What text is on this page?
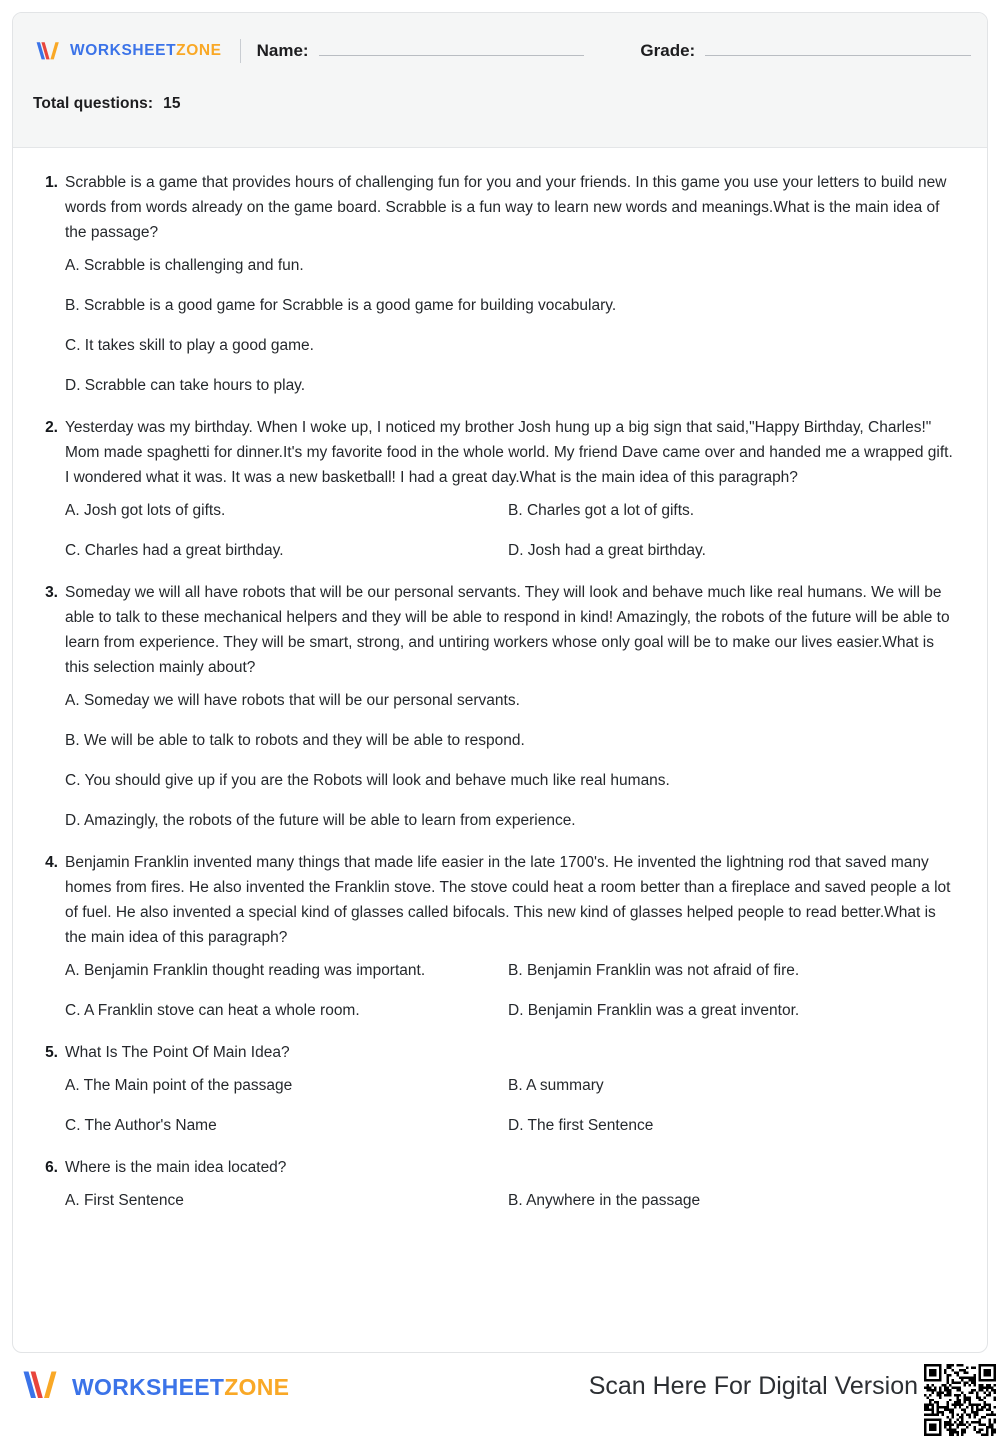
WORKSHEETZONE Name:	Grade:
Total questions: 15
1. Scrabble is a game that provides hours of challenging fun for you and your friends. In this game you use your letters to build new words from words already on the game board. Scrabble is a fun way to learn new words and meanings.What is the main idea of the passage?

A. Scrabble is challenging and fun.
B. Scrabble is a good game for Scrabble is a good game for building vocabulary.
C. It takes skill to play a good game.
D. Scrabble can take hours to play.
2. Yesterday was my birthday. When I woke up, I noticed my brother Josh hung up a big sign that said,"Happy Birthday, Charles!" Mom made spaghetti for dinner.It's my favorite food in the whole world. My friend Dave came over and handed me a wrapped gift. I wondered what it was. It was a new basketball! I had a great day.What is the main idea of this paragraph?

A. Josh got lots of gifts.	B. Charles got a lot of gifts.
C. Charles had a great birthday.	D. Josh had a great birthday.
3. Someday we will all have robots that will be our personal servants. They will look and behave much like real humans. We will be able to talk to these mechanical helpers and they will be able to respond in kind! Amazingly, the robots of the future will be able to learn from experience. They will be smart, strong, and untiring workers whose only goal will be to make our lives easier.What is this selection mainly about?

A. Someday we will have robots that will be our personal servants.
B. We will be able to talk to robots and they will be able to respond.
C. You should give up if you are the Robots will look and behave much like real humans.
D. Amazingly, the robots of the future will be able to learn from experience.
4. Benjamin Franklin invented many things that made life easier in the late 1700's. He invented the lightning rod that saved many homes from fires. He also invented the Franklin stove. The stove could heat a room better than a fireplace and saved people a lot of fuel. He also invented a special kind of glasses called bifocals. This new kind of glasses helped people to read better.What is the main idea of this paragraph?

A. Benjamin Franklin thought reading was important.	B. Benjamin Franklin was not afraid of fire.
C. A Franklin stove can heat a whole room.	D. Benjamin Franklin was a great inventor.
5. What Is The Point Of Main Idea?

A. The Main point of the passage	B. A summary
C. The Author's Name	D. The first Sentence
6. Where is the main idea located?

A. First Sentence	B. Anywhere in the passage
WORKSHEETZONE	Scan Here For Digital Version
